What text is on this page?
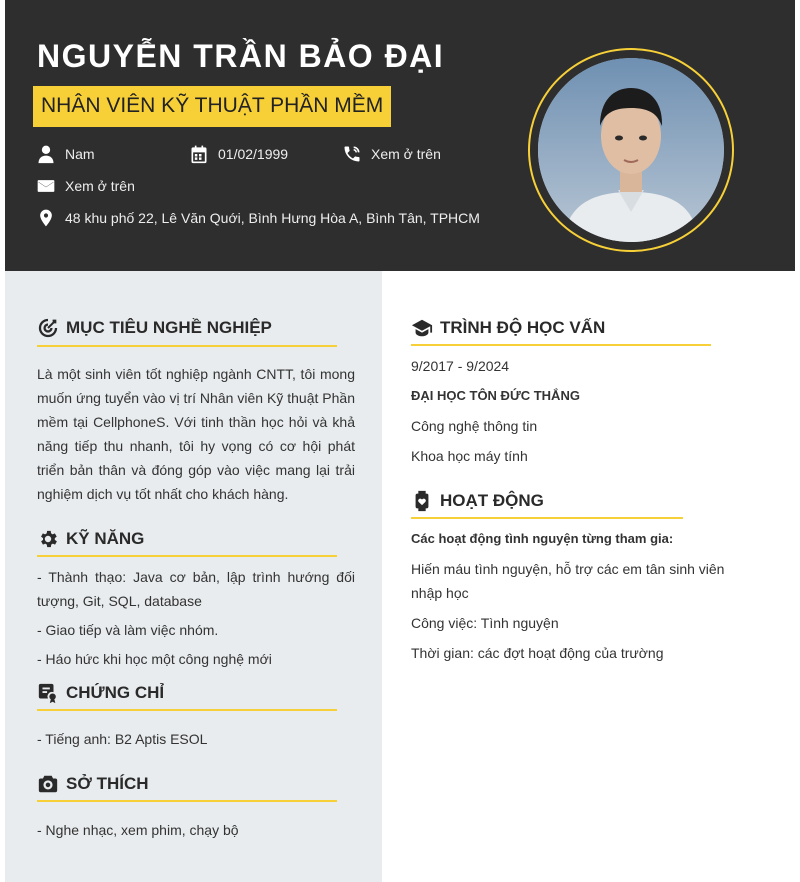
NGUYỄN TRẦN BẢO ĐẠI
NHÂN VIÊN KỸ THUẬT PHẦN MỀM
Nam	01/02/1999	Xem ở trên
Xem ở trên
48 khu phố 22, Lê Văn Quới, Bình Hưng Hòa A, Bình Tân, TPHCM
MỤC TIÊU NGHỀ NGHIỆP
Là một sinh viên tốt nghiệp ngành CNTT, tôi mong muốn ứng tuyển vào vị trí Nhân viên Kỹ thuật Phần mềm tại CellphoneS. Với tinh thần học hỏi và khả năng tiếp thu nhanh, tôi hy vọng có cơ hội phát triển bản thân và đóng góp vào việc mang lại trải nghiệm dịch vụ tốt nhất cho khách hàng.
KỸ NĂNG
- Thành thạo: Java cơ bản, lập trình hướng đối tượng, Git, SQL, database
- Giao tiếp và làm việc nhóm.
- Háo hức khi học một công nghệ mới
CHỨNG CHỈ
- Tiếng anh: B2 Aptis ESOL
SỞ THÍCH
- Nghe nhạc, xem phim, chạy bộ
TRÌNH ĐỘ HỌC VẤN
9/2017 - 9/2024
ĐẠI HỌC TÔN ĐỨC THẮNG
Công nghệ thông tin
Khoa học máy tính
HOẠT ĐỘNG
Các hoạt động tình nguyện từng tham gia:
Hiến máu tình nguyện, hỗ trợ các em tân sinh viên nhập học
Công việc: Tình nguyện
Thời gian: các đợt hoạt động của trường
